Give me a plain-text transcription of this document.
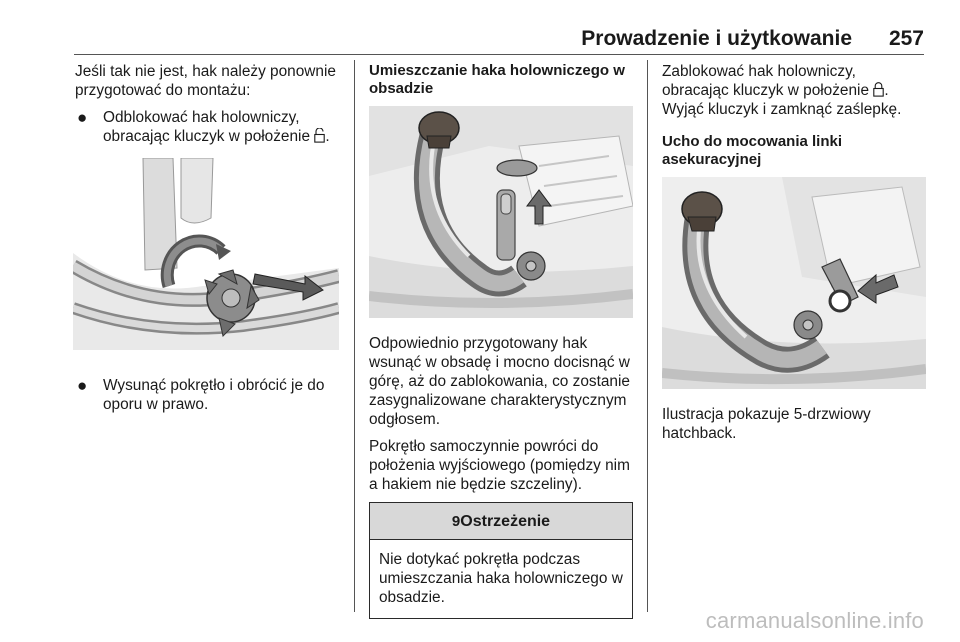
Prowadzenie i użytkowanie 257

Jeśli tak nie jest, hak należy ponownie przygotować do montażu:

● Odblokować hak holowniczy, obracając kluczyk w położenie .
● Wysunąć pokrętło i obrócić je do oporu w prawo.

Umieszczanie haka holowniczego w obsadzie

Odpowiednio przygotowany hak wsunąć w obsadę i mocno docisnąć w górę, aż do zablokowania, co zostanie zasygnalizowane charakterystycznym odgłosem.

Pokrętło samoczynnie powróci do położenia wyjściowego (pomiędzy nim a hakiem nie będzie szczeliny).

9Ostrzeżenie
Nie dotykać pokrętła podczas umieszczania haka holowniczego w obsadzie.

Zablokować hak holowniczy, obracając kluczyk w położenie . Wyjąć kluczyk i zamknąć zaślepkę.

Ucho do mocowania linki asekuracyjnej

Ilustracja pokazuje 5-drzwiowy hatchback.

carmanualsonline.info
